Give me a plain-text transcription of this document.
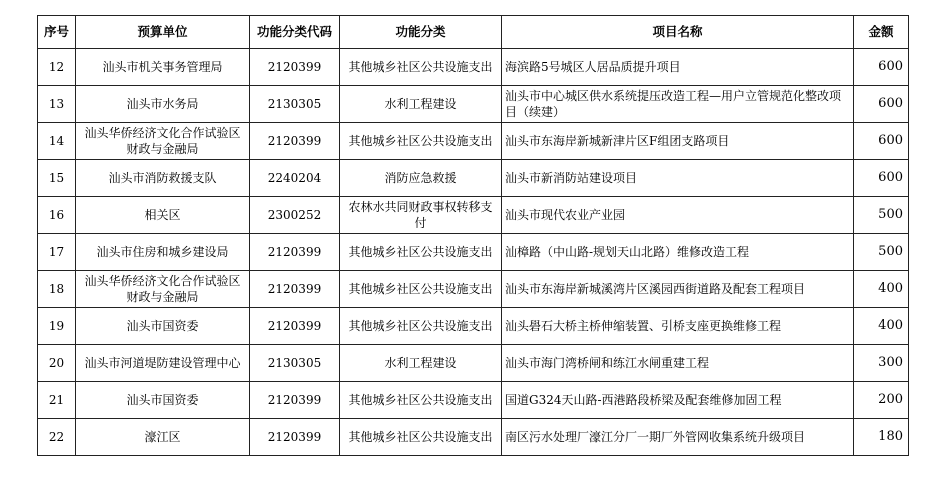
序号	预算单位	功能分类代码	功能分类	项目名称	金额
12	汕头市机关事务管理局	2120399	其他城乡社区公共设施支出	海滨路5号城区人居品质提升项目	600
13	汕头市水务局	2130305	水利工程建设	汕头市中心城区供水系统提压改造工程—用户立管规范化整改项目（续建）	600
14	汕头华侨经济文化合作试验区财政与金融局	2120399	其他城乡社区公共设施支出	汕头市东海岸新城新津片区F组团支路项目	600
15	汕头市消防救援支队	2240204	消防应急救援	汕头市新消防站建设项目	600
16	相关区	2300252	农林水共同财政事权转移支付	汕头市现代农业产业园	500
17	汕头市住房和城乡建设局	2120399	其他城乡社区公共设施支出	汕樟路（中山路-规划天山北路）维修改造工程	500
18	汕头华侨经济文化合作试验区财政与金融局	2120399	其他城乡社区公共设施支出	汕头市东海岸新城溪湾片区溪园西街道路及配套工程项目	400
19	汕头市国资委	2120399	其他城乡社区公共设施支出	汕头礐石大桥主桥伸缩装置、引桥支座更换维修工程	400
20	汕头市河道堤防建设管理中心	2130305	水利工程建设	汕头市海门湾桥闸和练江水闸重建工程	300
21	汕头市国资委	2120399	其他城乡社区公共设施支出	国道G324天山路-西港路段桥梁及配套维修加固工程	200
22	濠江区	2120399	其他城乡社区公共设施支出	南区污水处理厂濠江分厂一期厂外管网收集系统升级项目	180
